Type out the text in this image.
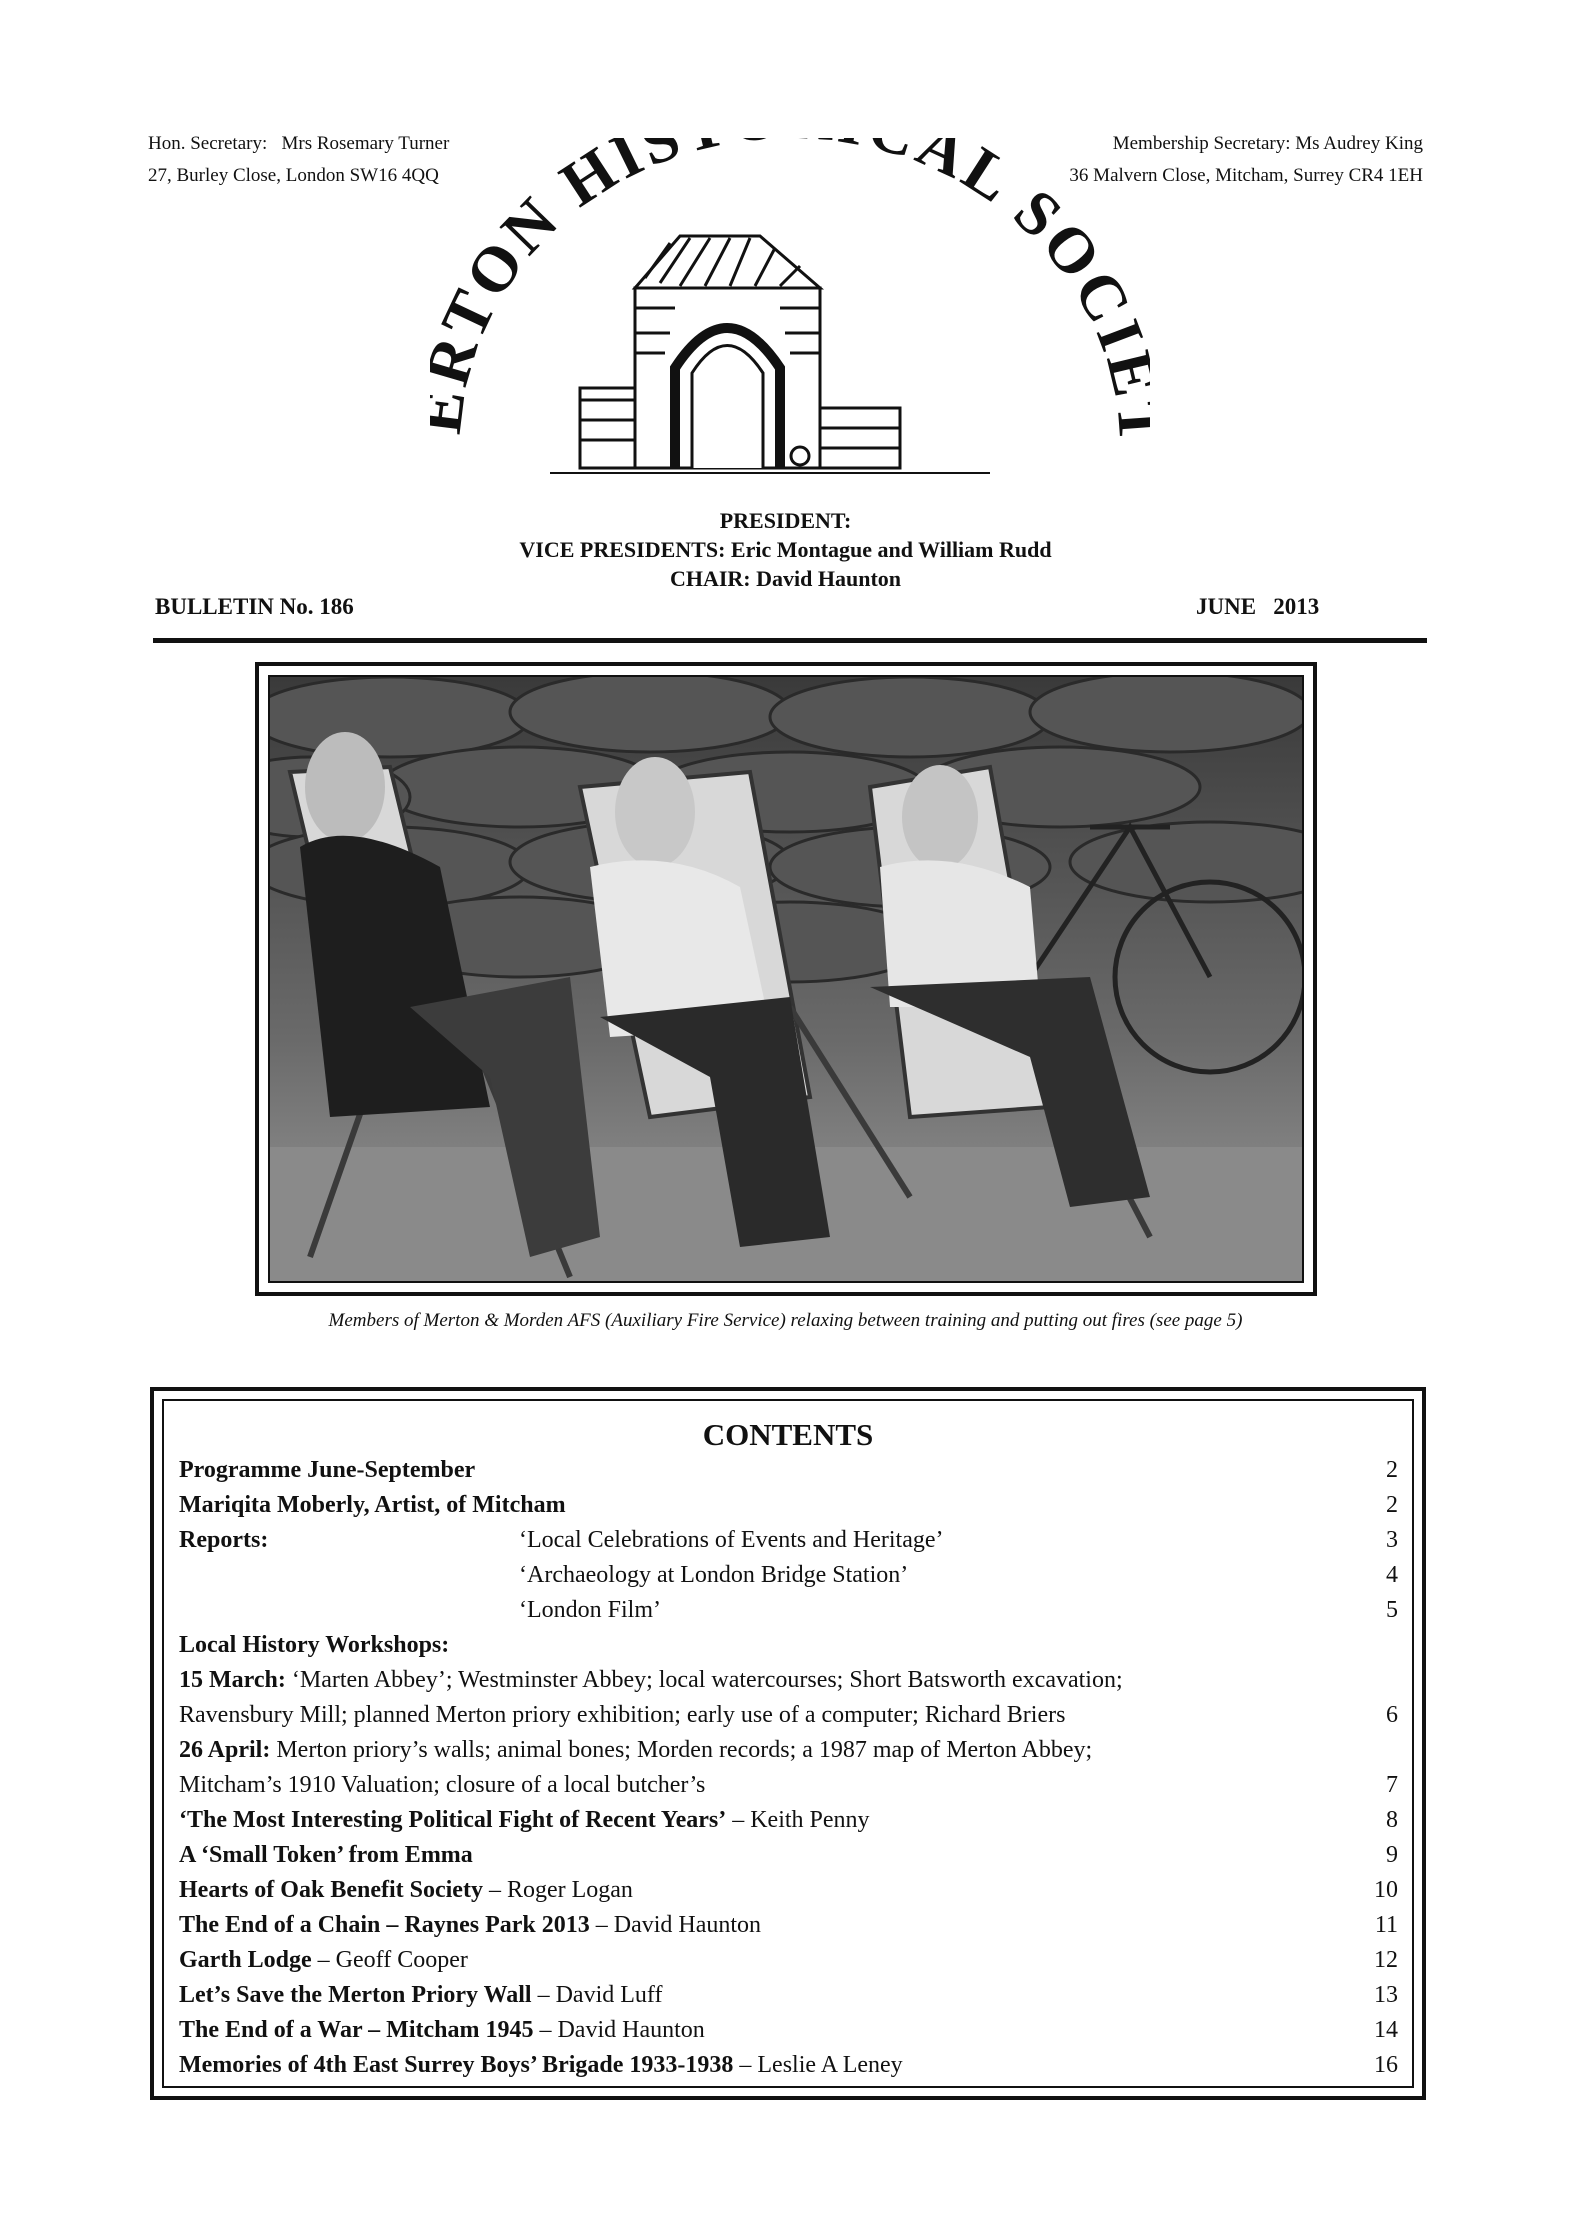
Hon. Secretary: Mrs Rosemary Turner
27, Burley Close, London SW16 4QQ
Membership Secretary: Ms Audrey King
36 Malvern Close, Mitcham, Surrey CR4 1EH
TON HIS AL SOC
PRESIDENT:
VICE PRESIDENTS: Eric Montague and William Rudd
CHAIR: David Haunton
BULLETIN No. 186	JUNE   2013
Members of Merton & Morden AFS (Auxiliary Fire Service) relaxing between training and putting out fires (see page 5)
CONTENTS
Programme June-September	2
Mariqita Moberly, Artist, of Mitcham	2
Reports:	‘Local Celebrations of Events and Heritage’	3
‘Archaeology at London Bridge Station’	4
‘London Film’	5
Local History Workshops:
15 March: ‘Marten Abbey’; Westminster Abbey; local watercourses; Short Batsworth excavation;
Ravensbury Mill; planned Merton priory exhibition; early use of a computer; Richard Briers	6
26 April: Merton priory’s walls; animal bones; Morden records; a 1987 map of Merton Abbey;
Mitcham’s 1910 Valuation; closure of a local butcher’s	7
‘The Most Interesting Political Fight of Recent Years’ – Keith Penny	8
A ‘Small Token’ from Emma	9
Hearts of Oak Benefit Society – Roger Logan	10
The End of a Chain – Raynes Park 2013 – David Haunton	11
Garth Lodge – Geoff Cooper	12
Let’s Save the Merton Priory Wall – David Luff	13
The End of a War – Mitcham 1945 – David Haunton	14
Memories of 4th East Surrey Boys’ Brigade 1933-1938 – Leslie A Leney	16
